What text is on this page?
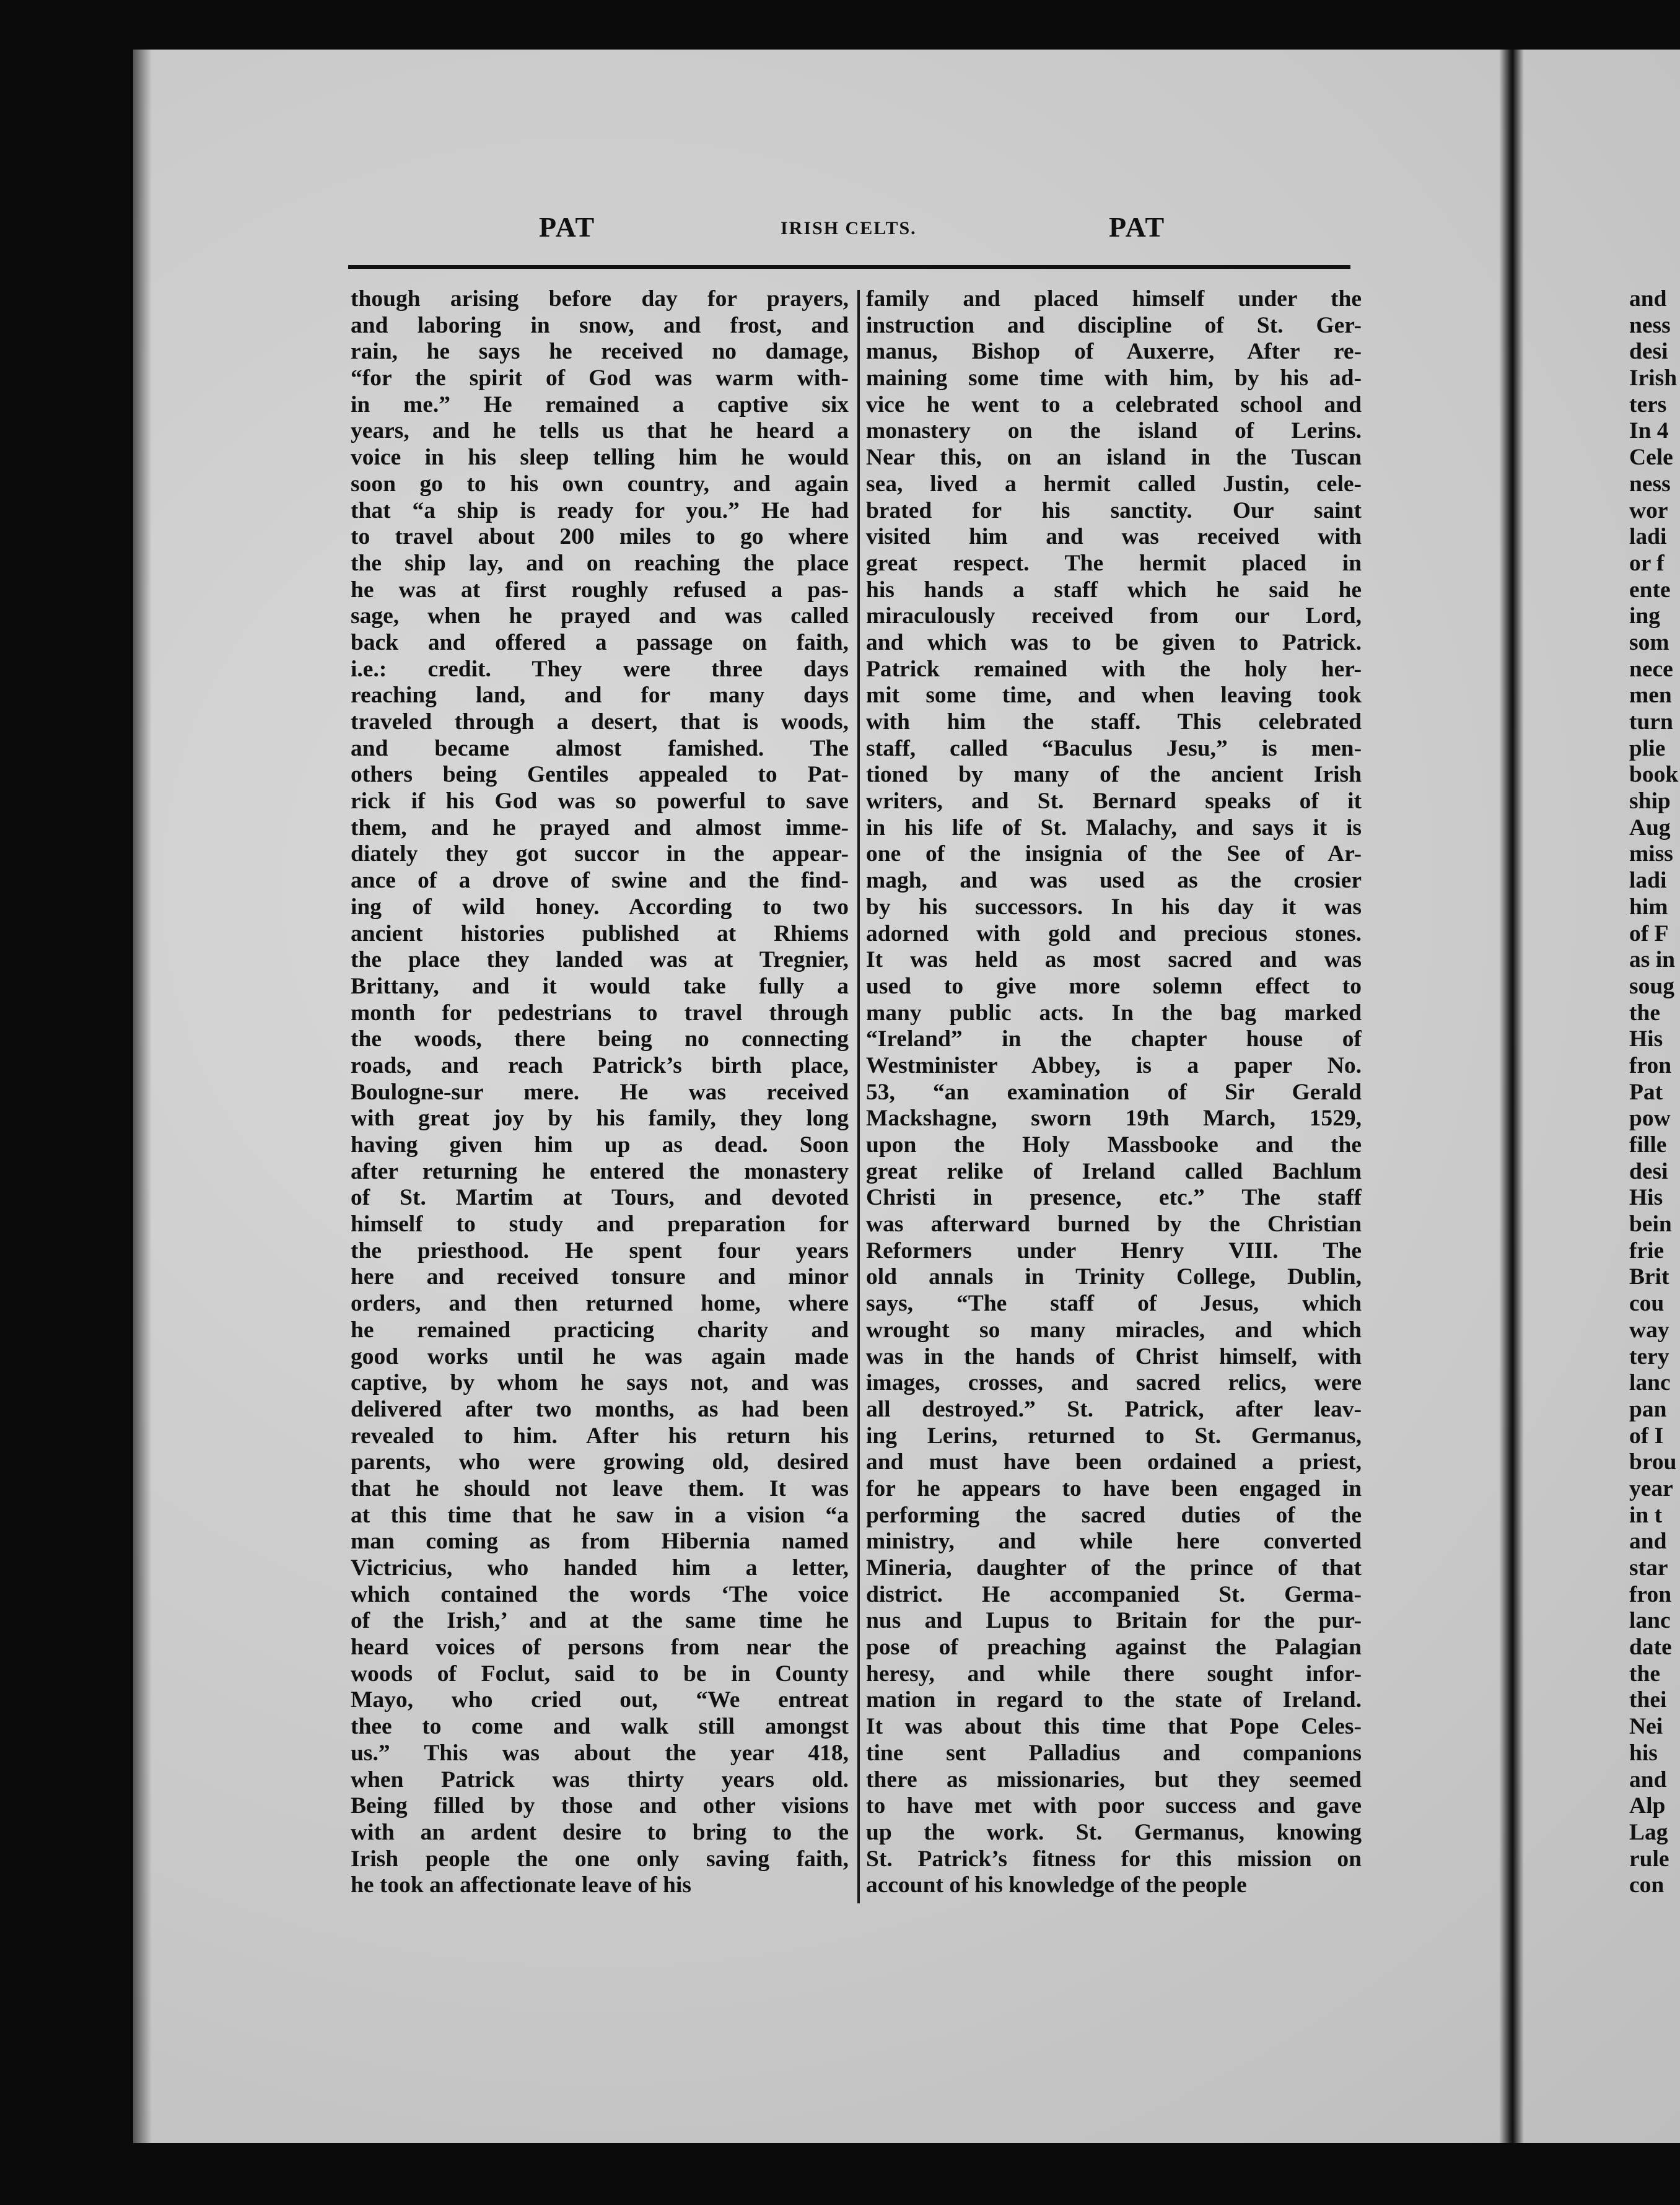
PAT	IRISH CELTS.	PAT
though arising before day for prayers,
and laboring in snow, and frost, and
rain, he says he received no damage,
“for the spirit of God was warm with-
in me.” He remained a captive six
years, and he tells us that he heard a
voice in his sleep telling him he would
soon go to his own country, and again
that “a ship is ready for you.” He had
to travel about 200 miles to go where
the ship lay, and on reaching the place
he was at first roughly refused a pas-
sage, when he prayed and was called
back and offered a passage on faith,
i.e.: credit. They were three days
reaching land, and for many days
traveled through a desert, that is woods,
and became almost famished. The
others being Gentiles appealed to Pat-
rick if his God was so powerful to save
them, and he prayed and almost imme-
diately they got succor in the appear-
ance of a drove of swine and the find-
ing of wild honey. According to two
ancient histories published at Rhiems
the place they landed was at Tregnier,
Brittany, and it would take fully a
month for pedestrians to travel through
the woods, there being no connecting
roads, and reach Patrick’s birth place,
Boulogne-sur mere. He was received
with great joy by his family, they long
having given him up as dead. Soon
after returning he entered the monastery
of St. Martim at Tours, and devoted
himself to study and preparation for
the priesthood. He spent four years
here and received tonsure and minor
orders, and then returned home, where
he remained practicing charity and
good works until he was again made
captive, by whom he says not, and was
delivered after two months, as had been
revealed to him. After his return his
parents, who were growing old, desired
that he should not leave them. It was
at this time that he saw in a vision “a
man coming as from Hibernia named
Victricius, who handed him a letter,
which contained the words ‘The voice
of the Irish,’ and at the same time he
heard voices of persons from near the
woods of Foclut, said to be in County
Mayo, who cried out, “We entreat
thee to come and walk still amongst
us.” This was about the year 418,
when Patrick was thirty years old.
Being filled by those and other visions
with an ardent desire to bring to the
Irish people the one only saving faith,
he took an affectionate leave of his
family and placed himself under the
instruction and discipline of St. Ger-
manus, Bishop of Auxerre, After re-
maining some time with him, by his ad-
vice he went to a celebrated school and
monastery on the island of Lerins.
Near this, on an island in the Tuscan
sea, lived a hermit called Justin, cele-
brated for his sanctity. Our saint
visited him and was received with
great respect. The hermit placed in
his hands a staff which he said he
miraculously received from our Lord,
and which was to be given to Patrick.
Patrick remained with the holy her-
mit some time, and when leaving took
with him the staff. This celebrated
staff, called “Baculus Jesu,” is men-
tioned by many of the ancient Irish
writers, and St. Bernard speaks of it
in his life of St. Malachy, and says it is
one of the insignia of the See of Ar-
magh, and was used as the crosier
by his successors. In his day it was
adorned with gold and precious stones.
It was held as most sacred and was
used to give more solemn effect to
many public acts. In the bag marked
“Ireland” in the chapter house of
Westminister Abbey, is a paper No.
53, “an examination of Sir Gerald
Mackshagne, sworn 19th March, 1529,
upon the Holy Massbooke and the
great relike of Ireland called Bachlum
Christi in presence, etc.” The staff
was afterward burned by the Christian
Reformers under Henry VIII. The
old annals in Trinity College, Dublin,
says, “The staff of Jesus, which
wrought so many miracles, and which
was in the hands of Christ himself, with
images, crosses, and sacred relics, were
all destroyed.” St. Patrick, after leav-
ing Lerins, returned to St. Germanus,
and must have been ordained a priest,
for he appears to have been engaged in
performing the sacred duties of the
ministry, and while here converted
Mineria, daughter of the prince of that
district. He accompanied St. Germa-
nus and Lupus to Britain for the pur-
pose of preaching against the Palagian
heresy, and while there sought infor-
mation in regard to the state of Ireland.
It was about this time that Pope Celes-
tine sent Palladius and companions
there as missionaries, but they seemed
to have met with poor success and gave
up the work. St. Germanus, knowing
St. Patrick’s fitness for this mission on
account of his knowledge of the people
and
ness
desi
Irish
ters
In 4
Cele
ness
wor
ladi
or f
ente
ing
som
nece
men
turn
plie
book
ship
Aug
miss
ladi
him
of F
as in
soug
the
His
fron
Pat
pow
fille
desi
His
bein
frie
Brit
cou
way
tery
lanc
pan
of I
brou
year
in t
and
star
fron
lanc
date
the
thei
Nei
his
and
Alp
Lag
rule
con
